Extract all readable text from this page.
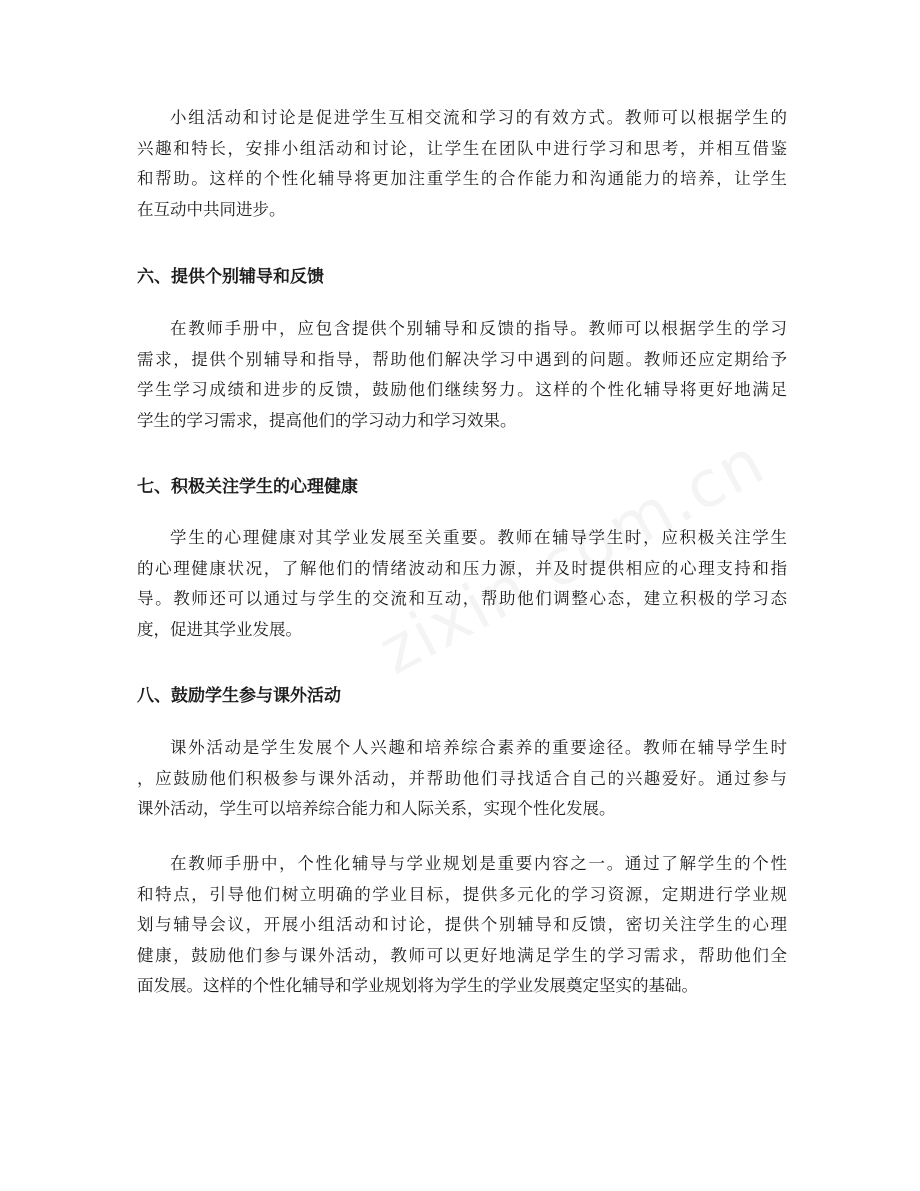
小组活动和讨论是促进学生互相交流和学习的有效方式。教师可以根据学生的
兴趣和特长，安排小组活动和讨论，让学生在团队中进行学习和思考，并相互借鉴
和帮助。这样的个性化辅导将更加注重学生的合作能力和沟通能力的培养，让学生
在互动中共同进步。
六、提供个别辅导和反馈
在教师手册中，应包含提供个别辅导和反馈的指导。教师可以根据学生的学习
需求，提供个别辅导和指导，帮助他们解决学习中遇到的问题。教师还应定期给予
学生学习成绩和进步的反馈，鼓励他们继续努力。这样的个性化辅导将更好地满足
学生的学习需求，提高他们的学习动力和学习效果。
七、积极关注学生的心理健康
学生的心理健康对其学业发展至关重要。教师在辅导学生时，应积极关注学生
的心理健康状况，了解他们的情绪波动和压力源，并及时提供相应的心理支持和指
导。教师还可以通过与学生的交流和互动，帮助他们调整心态，建立积极的学习态
度，促进其学业发展。
八、鼓励学生参与课外活动
课外活动是学生发展个人兴趣和培养综合素养的重要途径。教师在辅导学生时
，应鼓励他们积极参与课外活动，并帮助他们寻找适合自己的兴趣爱好。通过参与
课外活动，学生可以培养综合能力和人际关系，实现个性化发展。
在教师手册中，个性化辅导与学业规划是重要内容之一。通过了解学生的个性
和特点，引导他们树立明确的学业目标，提供多元化的学习资源，定期进行学业规
划与辅导会议，开展小组活动和讨论，提供个别辅导和反馈，密切关注学生的心理
健康，鼓励他们参与课外活动，教师可以更好地满足学生的学习需求，帮助他们全
面发展。这样的个性化辅导和学业规划将为学生的学业发展奠定坚实的基础。
